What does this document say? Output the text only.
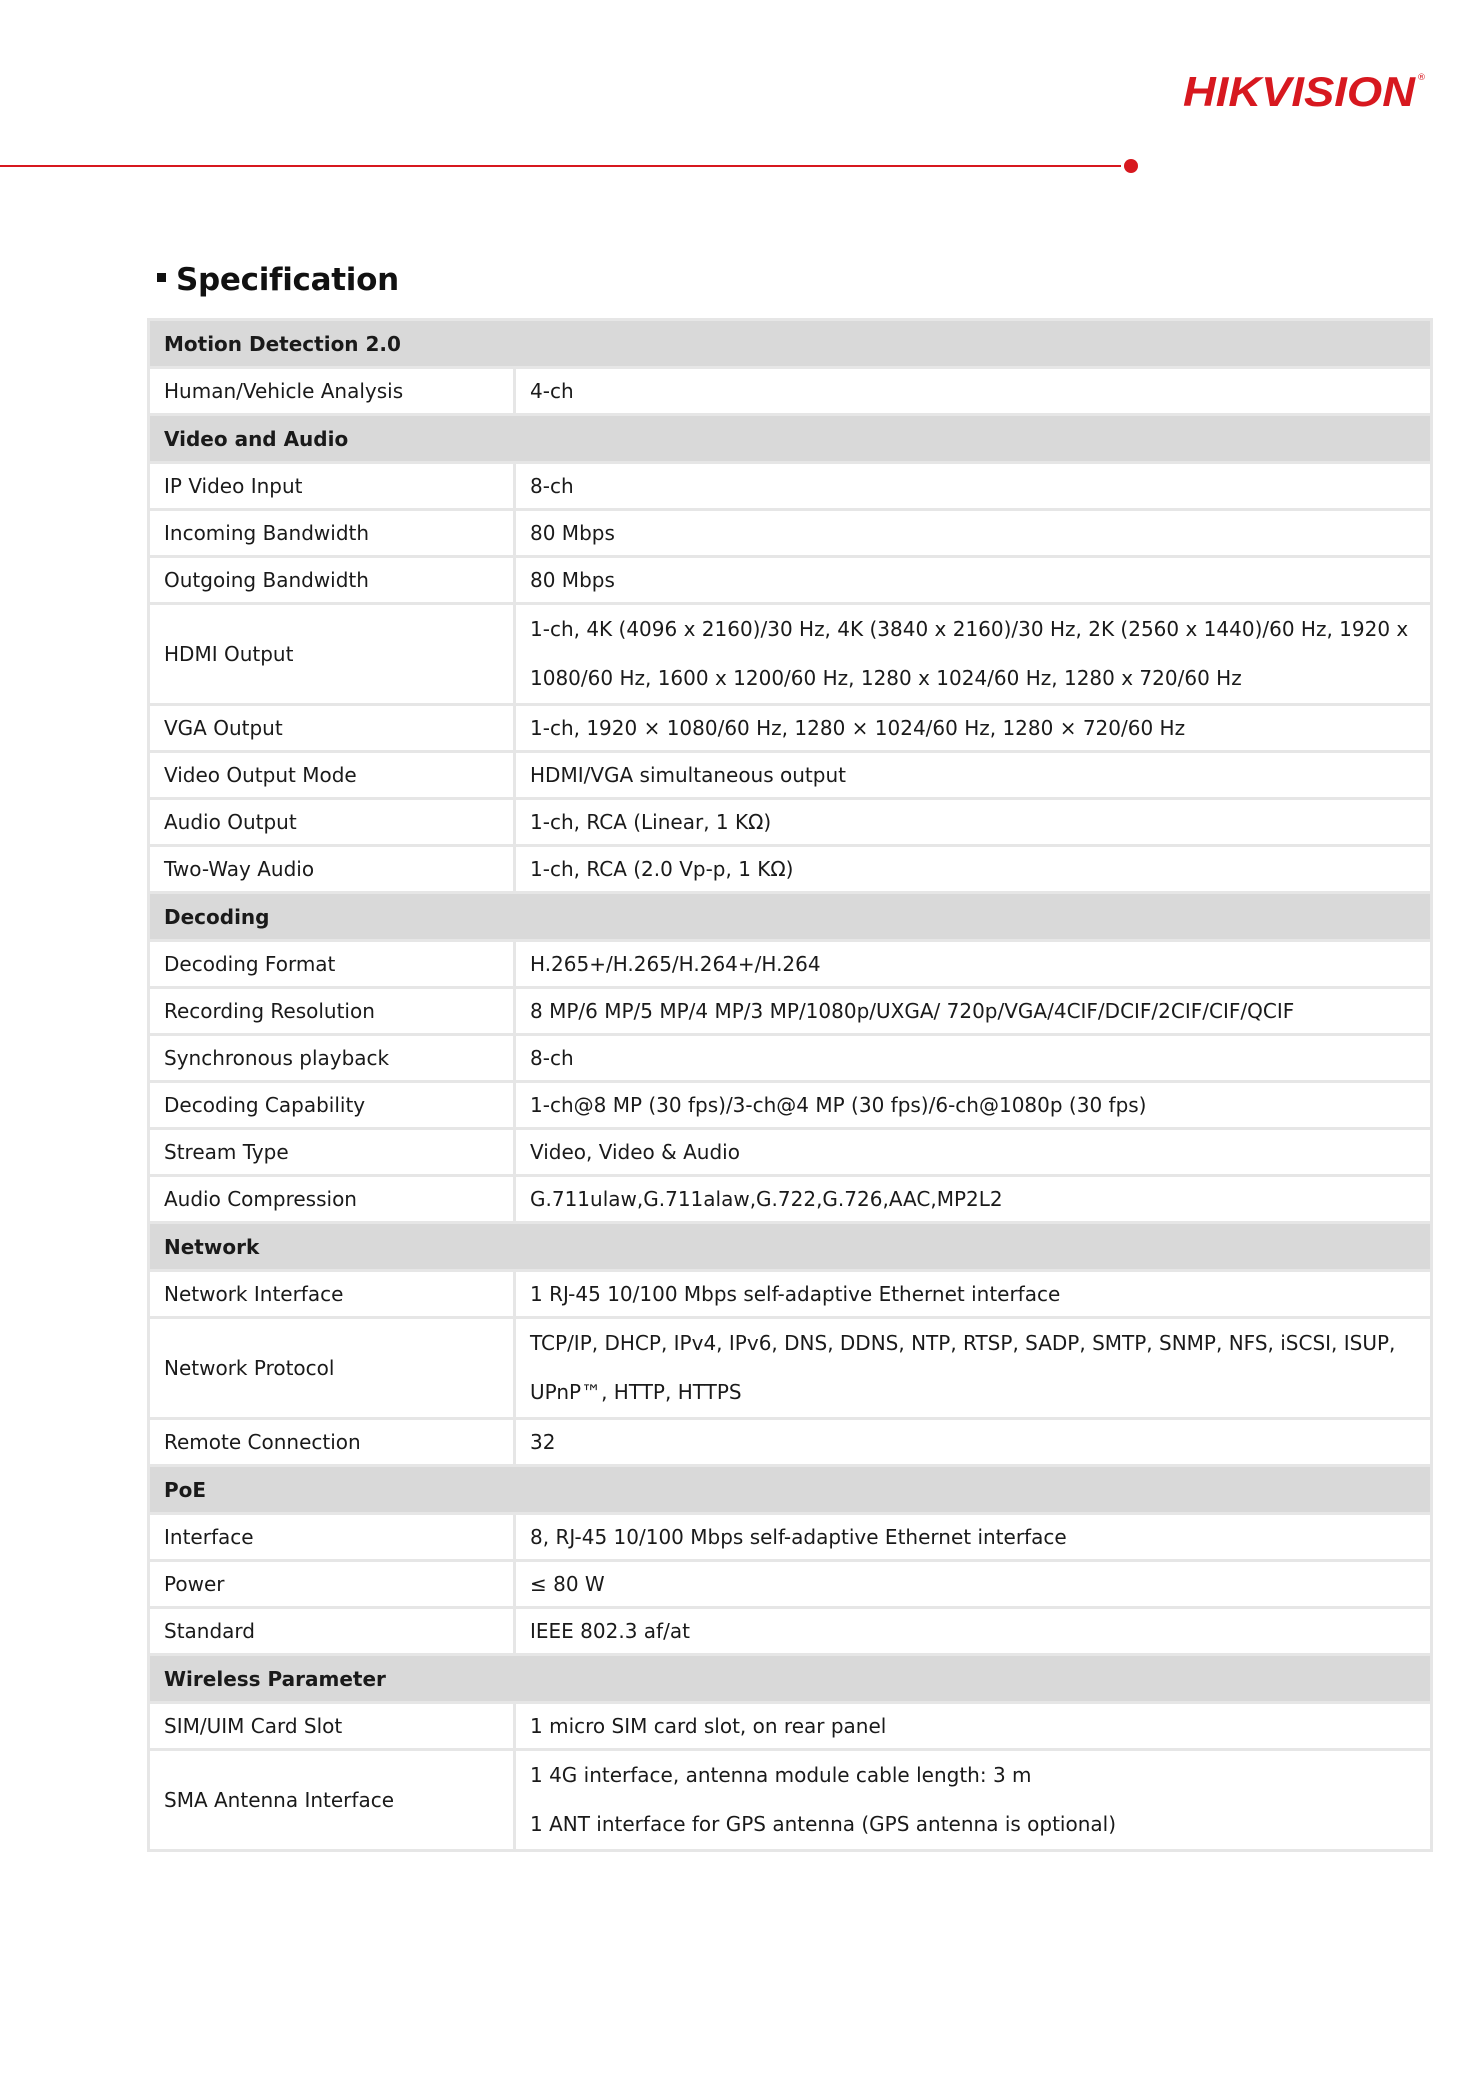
HIKVISION ®
Specification
Motion Detection 2.0	
Human/Vehicle Analysis	4-ch

Video and Audio	
IP Video Input	8-ch

Incoming Bandwidth	80 Mbps

Outgoing Bandwidth	80 Mbps

HDMI Output	1-ch, 4K (4096 x 2160)/30 Hz, 4K (3840 x 2160)/30 Hz, 2K (2560 x 1440)/60 Hz, 1920 x
1080/60 Hz, 1600 x 1200/60 Hz, 1280 x 1024/60 Hz, 1280 x 720/60 Hz

VGA Output	1-ch, 1920 × 1080/60 Hz, 1280 × 1024/60 Hz, 1280 × 720/60 Hz

Video Output Mode	HDMI/VGA simultaneous output

Audio Output	1-ch, RCA (Linear, 1 KΩ)

Two-Way Audio	1-ch, RCA (2.0 Vp-p, 1 KΩ)

Decoding	
Decoding Format	H.265+/H.265/H.264+/H.264

Recording Resolution	8 MP/6 MP/5 MP/4 MP/3 MP/1080p/UXGA/ 720p/VGA/4CIF/DCIF/2CIF/CIF/QCIF

Synchronous playback	8-ch

Decoding Capability	1-ch@8 MP (30 fps)/3-ch@4 MP (30 fps)/6-ch@1080p (30 fps)

Stream Type	Video, Video & Audio

Audio Compression	G.711ulaw,G.711alaw,G.722,G.726,AAC,MP2L2

Network	
Network Interface	1 RJ-45 10/100 Mbps self-adaptive Ethernet interface

Network Protocol	TCP/IP, DHCP, IPv4, IPv6, DNS, DDNS, NTP, RTSP, SADP, SMTP, SNMP, NFS, iSCSI, ISUP,
UPnP™, HTTP, HTTPS

Remote Connection	32

PoE	
Interface	8, RJ-45 10/100 Mbps self-adaptive Ethernet interface

Power	≤ 80 W

Standard	IEEE 802.3 af/at

Wireless Parameter	
SIM/UIM Card Slot	1 micro SIM card slot, on rear panel

SMA Antenna Interface	1 4G interface, antenna module cable length: 3 m
1 ANT interface for GPS antenna (GPS antenna is optional)
